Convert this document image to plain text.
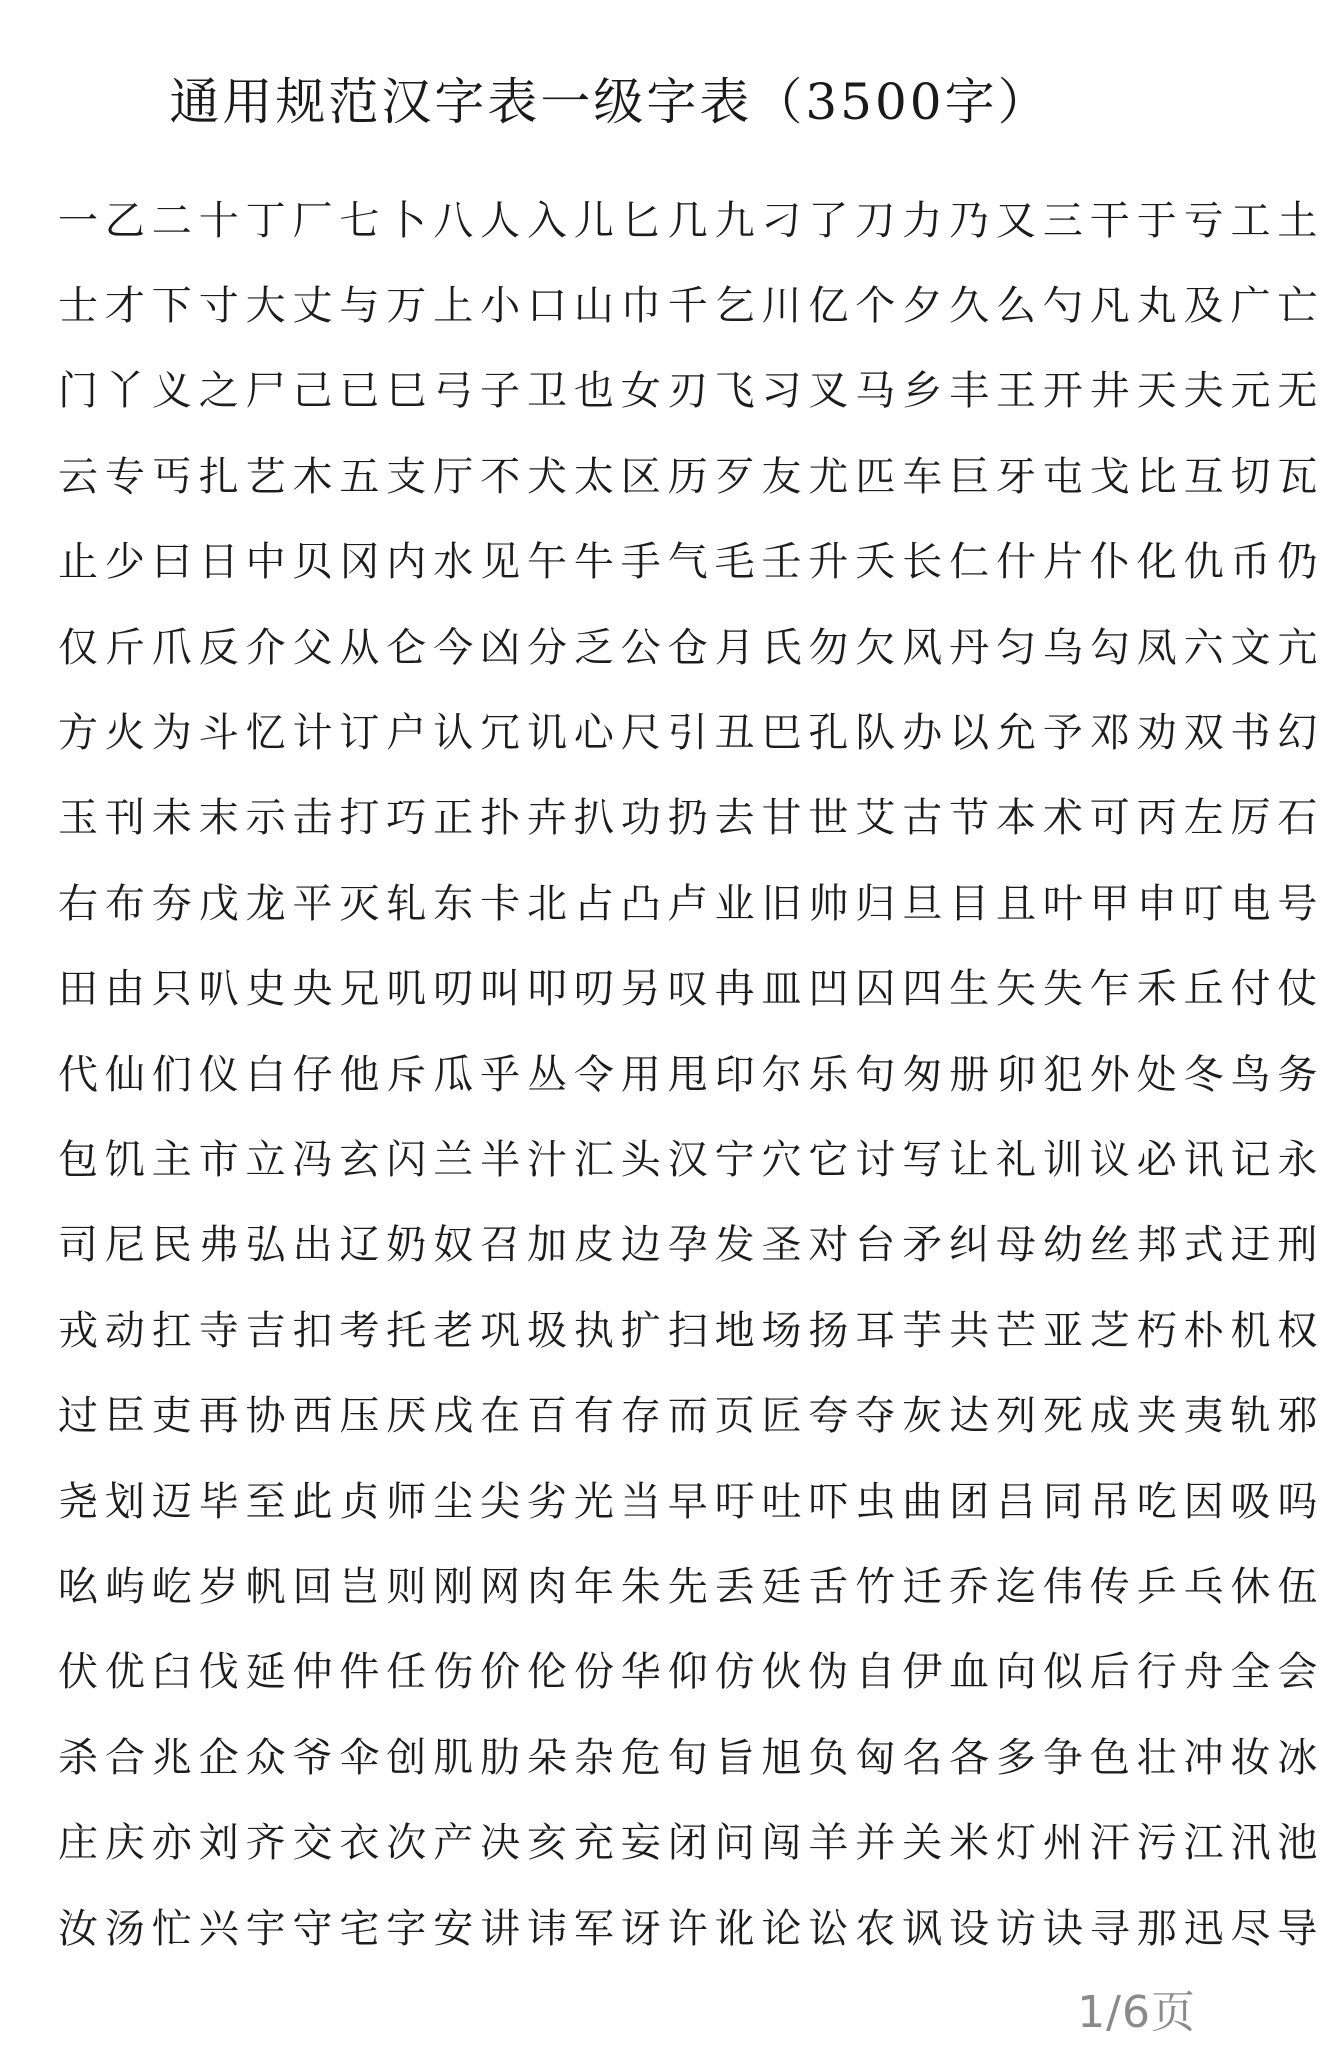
通用规范汉字表一级字表（3500字）
一乙二十丁厂七卜八人入儿匕几九刁了刀力乃又三干于亏工土
士才下寸大丈与万上小口山巾千乞川亿个夕久么勺凡丸及广亡
门丫义之尸己已巳弓子卫也女刃飞习叉马乡丰王开井天夫元无
云专丐扎艺木五支厅不犬太区历歹友尤匹车巨牙屯戈比互切瓦
止少曰日中贝冈内水见午牛手气毛壬升夭长仁什片仆化仇币仍
仅斤爪反介父从仑今凶分乏公仓月氏勿欠风丹匀乌勾凤六文亢
方火为斗忆计订户认冗讥心尺引丑巴孔队办以允予邓劝双书幻
玉刊未末示击打巧正扑卉扒功扔去甘世艾古节本术可丙左厉石
右布夯戊龙平灭轧东卡北占凸卢业旧帅归旦目且叶甲申叮电号
田由只叭史央兄叽叨叫叩叨另叹冉皿凹囚四生矢失乍禾丘付仗
代仙们仪白仔他斥瓜乎丛令用甩印尔乐句匆册卯犯外处冬鸟务
包饥主市立冯玄闪兰半汁汇头汉宁穴它讨写让礼训议必讯记永
司尼民弗弘出辽奶奴召加皮边孕发圣对台矛纠母幼丝邦式迂刑
戎动扛寺吉扣考托老巩圾执扩扫地场扬耳芋共芒亚芝朽朴机权
过臣吏再协西压厌戌在百有存而页匠夸夺灰达列死成夹夷轨邪
尧划迈毕至此贞师尘尖劣光当早吁吐吓虫曲团吕同吊吃因吸吗
吆屿屹岁帆回岂则刚网肉年朱先丢廷舌竹迁乔迄伟传乒乓休伍
伏优臼伐延仲件任伤价伦份华仰仿伙伪自伊血向似后行舟全会
杀合兆企众爷伞创肌肋朵杂危旬旨旭负匈名各多争色壮冲妆冰
庄庆亦刘齐交衣次产决亥充妄闭问闯羊并关米灯州汗污江汛池
汝汤忙兴宇守宅字安讲讳军讶许讹论讼农讽设访诀寻那迅尽导
1/6页
